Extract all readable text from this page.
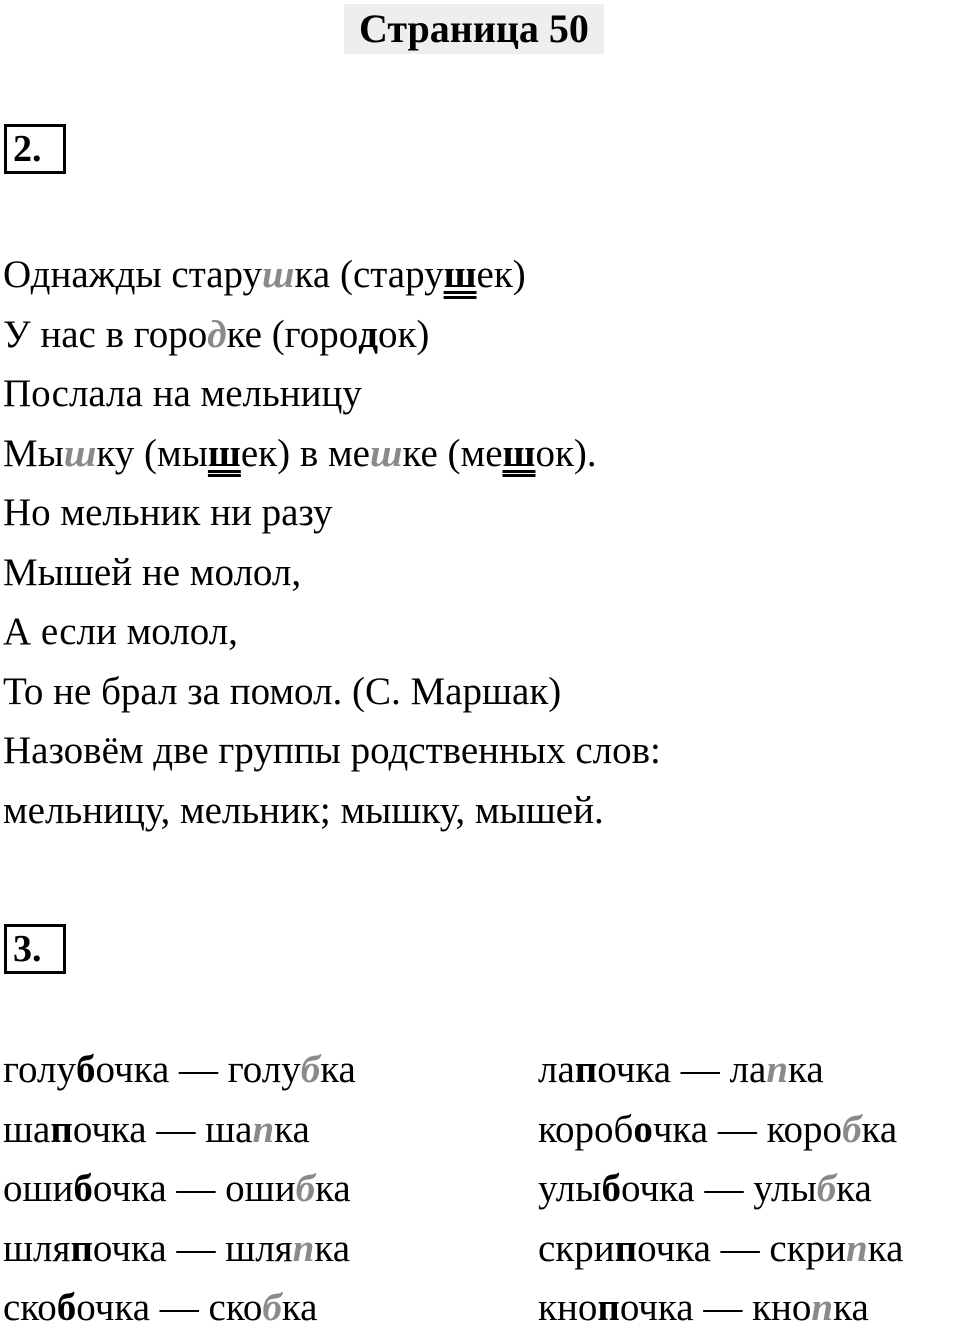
Страница 50
2.
Однажды старушка (старушек)
У нас в городке (городок)
Послала на мельницу
Мышку (мышек) в мешке (мешок).
Но мельник ни разу
Мышей не молол,
А если молол,
То не брал за помол. (С. Маршак)
Назовём две группы родственных слов:
мельницу, мельник; мышку, мышей.
3.
голубочка — голубка
шапочка — шапка
ошибочка — ошибка
шляпочка — шляпка
скобочка — скобка
лапочка — лапка
коробочка — коробка
улыбочка — улыбка
скрипочка — скрипка
кнопочка — кнопка
